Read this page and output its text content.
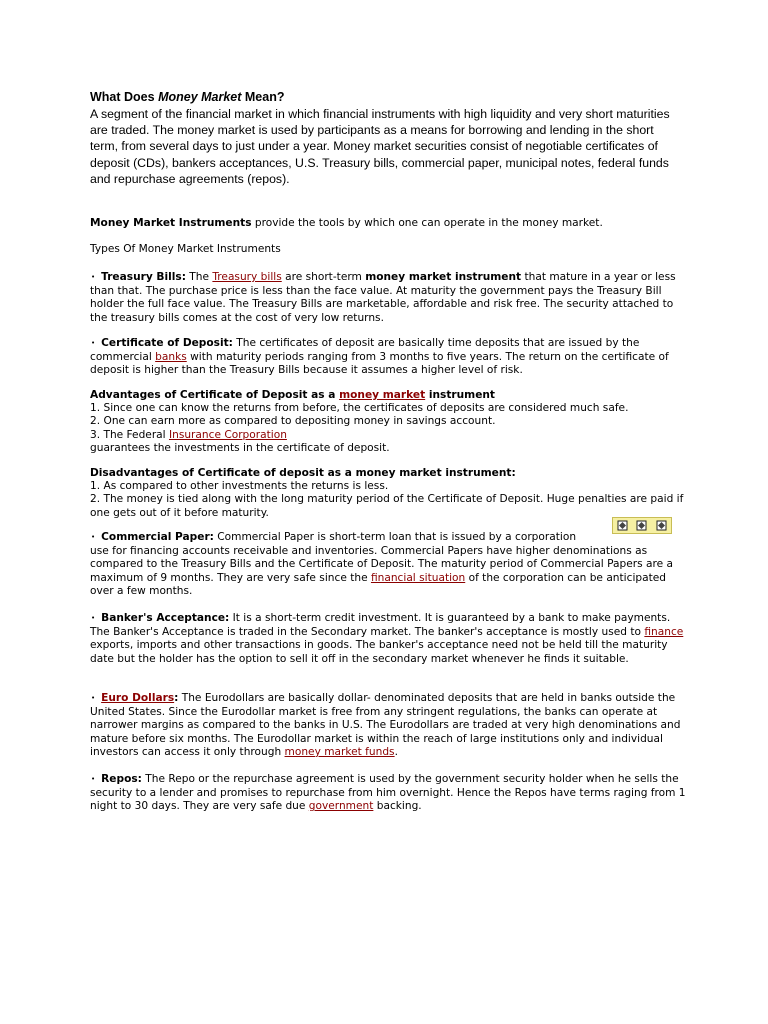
What Does Money Market Mean?

A segment of the financial market in which financial instruments with high liquidity and very short maturities are traded. The money market is used by participants as a means for borrowing and lending in the short term, from several days to just under a year. Money market securities consist of negotiable certificates of deposit (CDs), bankers acceptances, U.S. Treasury bills, commercial paper, municipal notes, federal funds and repurchase agreements (repos).

Money Market Instruments provide the tools by which one can operate in the money market.

Types Of Money Market Instruments

• Treasury Bills: The Treasury bills are short-term money market instrument that mature in a year or less than that. The purchase price is less than the face value. At maturity the government pays the Treasury Bill holder the full face value. The Treasury Bills are marketable, affordable and risk free. The security attached to the treasury bills comes at the cost of very low returns.

• Certificate of Deposit: The certificates of deposit are basically time deposits that are issued by the commercial banks with maturity periods ranging from 3 months to five years. The return on the certificate of deposit is higher than the Treasury Bills because it assumes a higher level of risk.

Advantages of Certificate of Deposit as a money market instrument
1. Since one can know the returns from before, the certificates of deposits are considered much safe.
2. One can earn more as compared to depositing money in savings account.
3. The Federal Insurance Corporation
guarantees the investments in the certificate of deposit.
Disadvantages of Certificate of deposit as a money market instrument:
1. As compared to other investments the returns is less.
2. The money is tied along with the long maturity period of the Certificate of Deposit. Huge penalties are paid if one gets out of it before maturity.
• Commercial Paper: Commercial Paper is short-term loan that is issued by a corporation
use for financing accounts receivable and inventories. Commercial Papers have higher denominations as compared to the Treasury Bills and the Certificate of Deposit. The maturity period of Commercial Papers are a maximum of 9 months. They are very safe since the financial situation of the corporation can be anticipated over a few months.

• Banker's Acceptance: It is a short-term credit investment. It is guaranteed by a bank to make payments. The Banker's Acceptance is traded in the Secondary market. The banker's acceptance is mostly used to finance exports, imports and other transactions in goods. The banker's acceptance need not be held till the maturity date but the holder has the option to sell it off in the secondary market whenever he finds it suitable.

• Euro Dollars: The Eurodollars are basically dollar- denominated deposits that are held in banks outside the United States. Since the Eurodollar market is free from any stringent regulations, the banks can operate at narrower margins as compared to the banks in U.S. The Eurodollars are traded at very high denominations and mature before six months. The Eurodollar market is within the reach of large institutions only and individual investors can access it only through money market funds.

• Repos: The Repo or the repurchase agreement is used by the government security holder when he sells the security to a lender and promises to repurchase from him overnight. Hence the Repos have terms raging from 1 night to 30 days. They are very safe due government backing.
